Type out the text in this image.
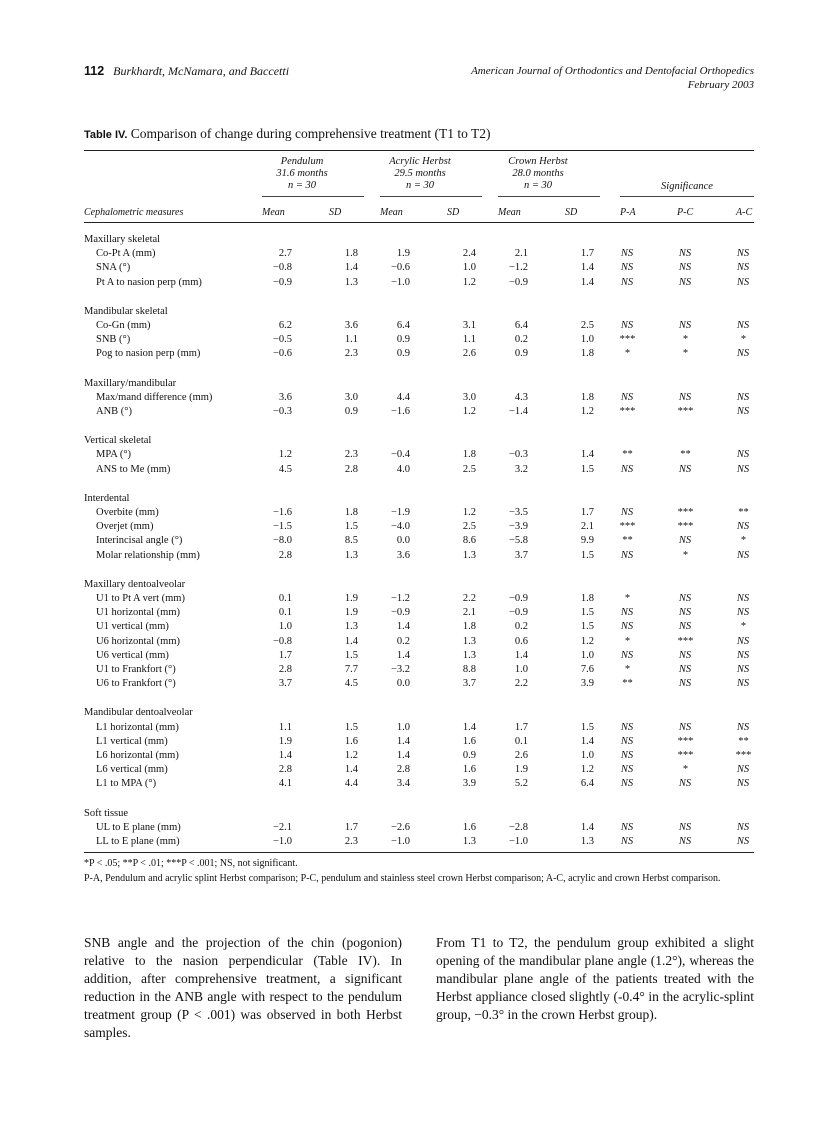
112 Burkhardt, McNamara, and Baccetti	American Journal of Orthodontics and Dentofacial Orthopedics
February 2003
Table IV. Comparison of change during comprehensive treatment (T1 to T2)
Pendulum
31.6 months
n = 30
Acrylic Herbst
29.5 months
n = 30
Crown Herbst
28.0 months
n = 30	Significance
Cephalometric measures	Mean	SD	Mean	SD	Mean	SD	P-A	P-C	A-C
Maxillary skeletal
Co-Pt A (mm)	2.7	1.8	1.9	2.4	2.1	1.7	NS	NS	NS
SNA (°)	−0.8	1.4	−0.6	1.0	−1.2	1.4	NS	NS	NS
Pt A to nasion perp (mm)	−0.9	1.3	−1.0	1.2	−0.9	1.4	NS	NS	NS
Mandibular skeletal
Co-Gn (mm)	6.2	3.6	6.4	3.1	6.4	2.5	NS	NS	NS
SNB (°)	−0.5	1.1	0.9	1.1	0.2	1.0	***	*	*
Pog to nasion perp (mm)	−0.6	2.3	0.9	2.6	0.9	1.8	*	*	NS
Maxillary/mandibular
Max/mand difference (mm)	3.6	3.0	4.4	3.0	4.3	1.8	NS	NS	NS
ANB (°)	−0.3	0.9	−1.6	1.2	−1.4	1.2	***	***	NS
Vertical skeletal
MPA (°)	1.2	2.3	−0.4	1.8	−0.3	1.4	**	**	NS
ANS to Me (mm)	4.5	2.8	4.0	2.5	3.2	1.5	NS	NS	NS
Interdental
Overbite (mm)	−1.6	1.8	−1.9	1.2	−3.5	1.7	NS	***	**
Overjet (mm)	−1.5	1.5	−4.0	2.5	−3.9	2.1	***	***	NS
Interincisal angle (°)	−8.0	8.5	0.0	8.6	−5.8	9.9	**	NS	*
Molar relationship (mm)	2.8	1.3	3.6	1.3	3.7	1.5	NS	*	NS
Maxillary dentoalveolar
U1 to Pt A vert (mm)	0.1	1.9	−1.2	2.2	−0.9	1.8	*	NS	NS
U1 horizontal (mm)	0.1	1.9	−0.9	2.1	−0.9	1.5	NS	NS	NS
U1 vertical (mm)	1.0	1.3	1.4	1.8	0.2	1.5	NS	NS	*
U6 horizontal (mm)	−0.8	1.4	0.2	1.3	0.6	1.2	*	***	NS
U6 vertical (mm)	1.7	1.5	1.4	1.3	1.4	1.0	NS	NS	NS
U1 to Frankfort (°)	2.8	7.7	−3.2	8.8	1.0	7.6	*	NS	NS
U6 to Frankfort (°)	3.7	4.5	0.0	3.7	2.2	3.9	**	NS	NS
Mandibular dentoalveolar
L1 horizontal (mm)	1.1	1.5	1.0	1.4	1.7	1.5	NS	NS	NS
L1 vertical (mm)	1.9	1.6	1.4	1.6	0.1	1.4	NS	***	**
L6 horizontal (mm)	1.4	1.2	1.4	0.9	2.6	1.0	NS	***	***
L6 vertical (mm)	2.8	1.4	2.8	1.6	1.9	1.2	NS	*	NS
L1 to MPA (°)	4.1	4.4	3.4	3.9	5.2	6.4	NS	NS	NS
Soft tissue
UL to E plane (mm)	−2.1	1.7	−2.6	1.6	−2.8	1.4	NS	NS	NS
LL to E plane (mm)	−1.0	2.3	−1.0	1.3	−1.0	1.3	NS	NS	NS
*P < .05; **P < .01; ***P < .001; NS, not significant.
P-A, Pendulum and acrylic splint Herbst comparison; P-C, pendulum and stainless steel crown Herbst comparison; A-C, acrylic and crown Herbst comparison.
SNB angle and the projection of the chin (pogonion) relative to the nasion perpendicular (Table IV). In addition, after comprehensive treatment, a significant reduction in the ANB angle with respect to the pendulum treatment group (P < .001) was observed in both Herbst samples.
From T1 to T2, the pendulum group exhibited a slight opening of the mandibular plane angle (1.2°), whereas the mandibular plane angle of the patients treated with the Herbst appliance closed slightly (-0.4° in the acrylic-splint group, −0.3° in the crown Herbst group).
